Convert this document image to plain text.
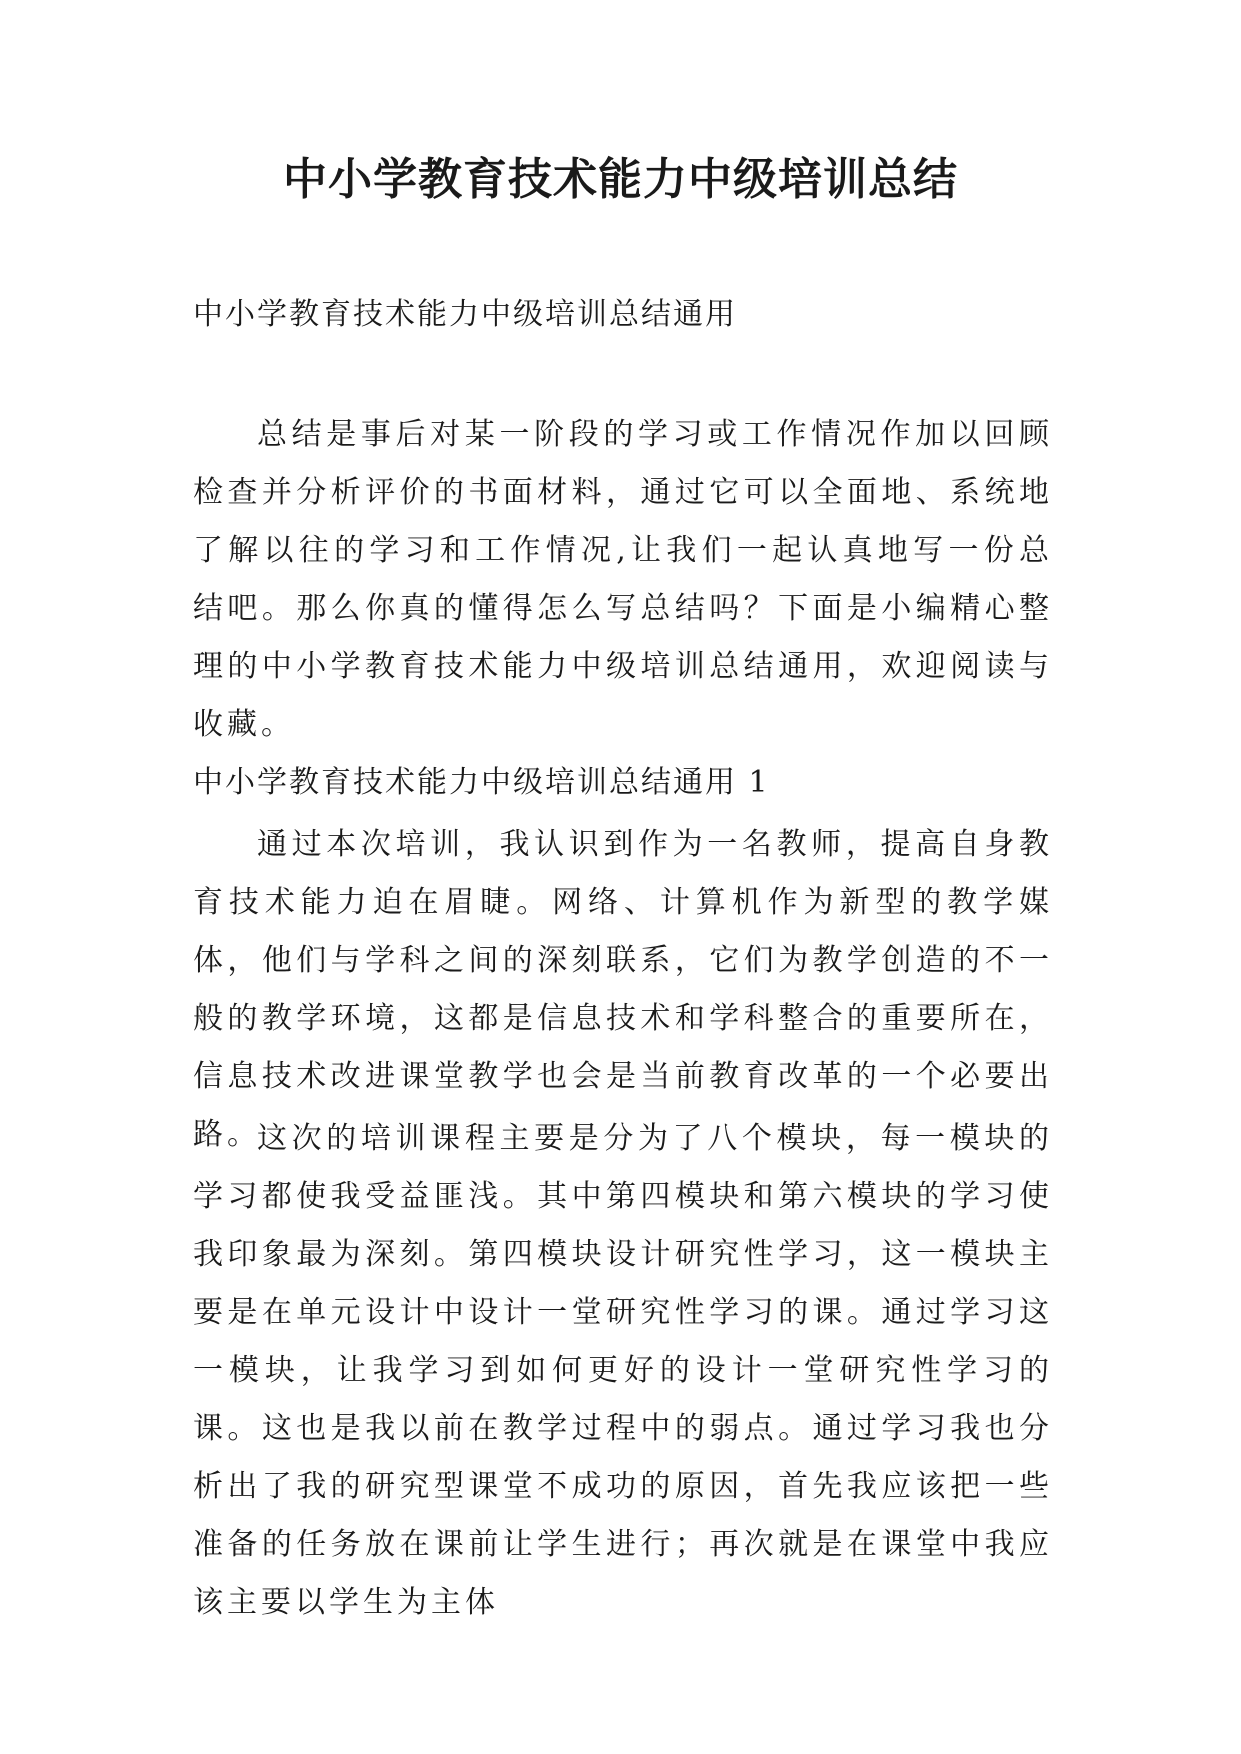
中小学教育技术能力中级培训总结

中小学教育技术能力中级培训总结通用

总结是事后对某一阶段的学习或工作情况作加以回顾检查并分析评价的书面材料，通过它可以全面地、系统地了解以往的学习和工作情况,让我们一起认真地写一份总结吧。那么你真的懂得怎么写总结吗？下面是小编精心整理的中小学教育技术能力中级培训总结通用，欢迎阅读与收藏。

中小学教育技术能力中级培训总结通用 1

通过本次培训，我认识到作为一名教师，提高自身教育技术能力迫在眉睫。网络、计算机作为新型的教学媒体，他们与学科之间的深刻联系，它们为教学创造的不一般的教学环境，这都是信息技术和学科整合的重要所在，信息技术改进课堂教学也会是当前教育改革的一个必要出路。

这次的培训课程主要是分为了八个模块，每一模块的学习都使我受益匪浅。其中第四模块和第六模块的学习使我印象最为深刻。第四模块设计研究性学习，这一模块主要是在单元设计中设计一堂研究性学习的课。通过学习这一模块，让我学习到如何更好的设计一堂研究性学习的课。这也是我以前在教学过程中的弱点。通过学习我也分析出了我的研究型课堂不成功的原因，首先我应该把一些准备的任务放在课前让学生进行；再次就是在课堂中我应该主要以学生为主体
